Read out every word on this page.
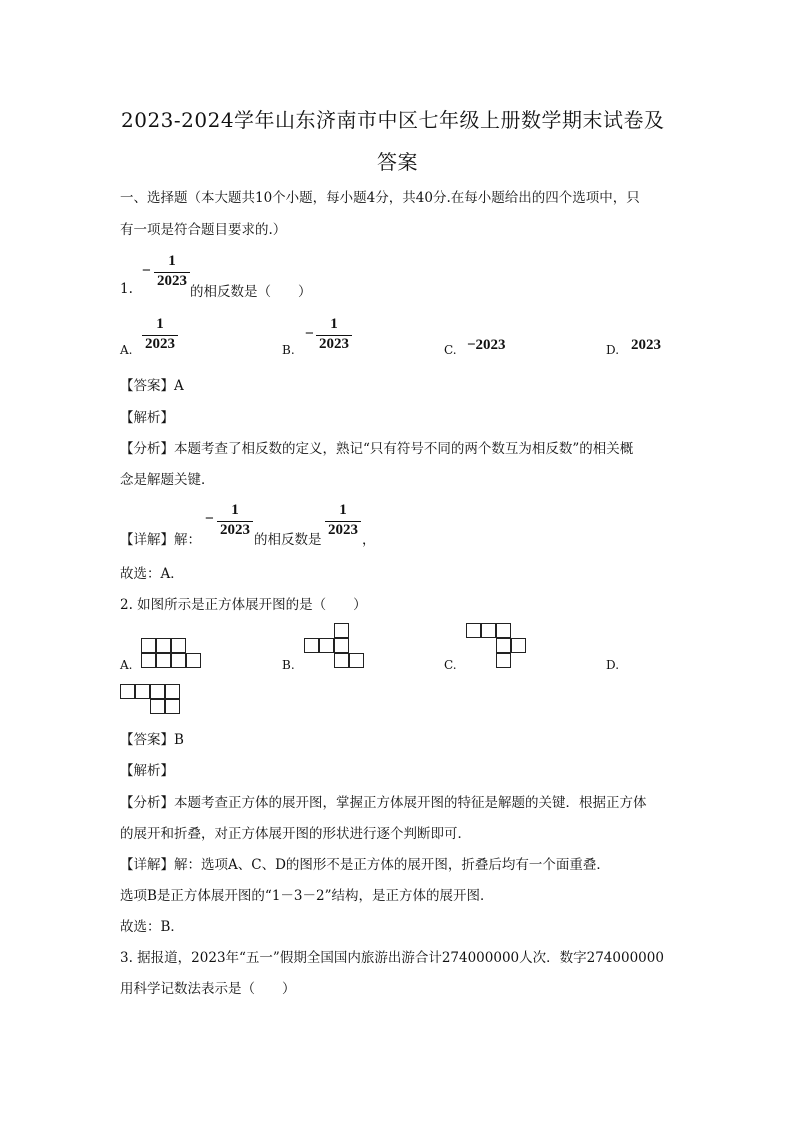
2023-2024学年山东济南市中区七年级上册数学期末试卷及
答案
一、选择题（本大题共10个小题，每小题4分，共40分.在每小题给出的四个选项中，只
有一项是符合题目要求的.）
1.
−
1
2023
的相反数是（　　）
A.
1
2023	B.
−
1
2023	C. −2023	D. 2023
【答案】A
【解析】
【分析】本题考查了相反数的定义，熟记“只有符号不同的两个数互为相反数”的相关概
念是解题关键．
【详解】解：
−	1
2023
的相反数是
1
2023
，
故选：A．
2. 如图所示是正方体展开图的是（　　）
A.	B.	C.	D.
【答案】B
【解析】
【分析】本题考查正方体的展开图，掌握正方体展开图的特征是解题的关键．根据正方体
的展开和折叠，对正方体展开图的形状进行逐个判断即可．
【详解】解：选项A、C、D的图形不是正方体的展开图，折叠后均有一个面重叠．
选项B是正方体展开图的“1－3－2”结构，是正方体的展开图．
故选：B．
3. 据报道，2023年“五一”假期全国国内旅游出游合计274000000人次．数字274000000
用科学记数法表示是（　　）
